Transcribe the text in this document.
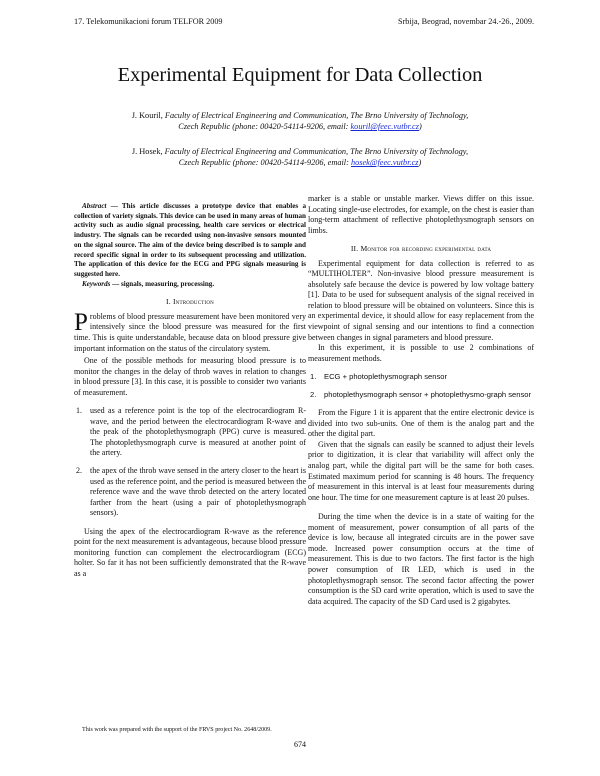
17. Telekomunikacioni forum TELFOR 2009	Srbija, Beograd, novembar 24.-26., 2009.
Experimental Equipment for Data Collection
J. Kouril, Faculty of Electrical Engineering and Communication, The Brno University of Technology,
Czech Republic (phone: 00420-54114-9206, email: kouril@feec.vutbr.cz)
J. Hosek, Faculty of Electrical Engineering and Communication, The Brno University of Technology,
Czech Republic (phone: 00420-54114-9206, email: hosek@feec.vutbr.cz)

Abstract — This article discusses a prototype device that enables a collection of variety signals. This device can be used in many areas of human activity such as audio signal processing, health care services or electrical industry. The signals can be recorded using non-invasive sensors mounted on the signal source. The aim of the device being described is to sample and record specific signal in order to its subsequent processing and utilization. The application of this device for the ECG and PPG signals measuring is suggested here.

Keywords — signals, measuring, processing.

I. Introduction

Problems of blood pressure measurement have been monitored very intensively since the blood pressure was measured for the first time. This is quite understandable, because data on blood pressure give important information on the status of the circulatory system.

One of the possible methods for measuring blood pressure is to monitor the changes in the delay of throb waves in relation to changes in blood pressure [3]. In this case, it is possible to consider two variants of measurement.

1. used as a reference point is the top of the electrocardiogram R-wave, and the period between the electrocardiogram R-wave and the peak of the photoplethysmograph (PPG) curve is measured. The photoplethysmograph curve is measured at another point of the artery.
2. the apex of the throb wave sensed in the artery closer to the heart is used as the reference point, and the period is measured between the reference wave and the wave throb detected on the artery located farther from the heart (using a pair of photoplethysmograph sensors).

Using the apex of the electrocardiogram R-wave as the reference point for the next measurement is advantageous, because blood pressure monitoring function can complement the electrocardiogram (ECG) holter. So far it has not been sufficiently demonstrated that the R-wave as a

marker is a stable or unstable marker. Views differ on this issue. Locating single-use electrodes, for example, on the chest is easier than long-term attachment of reflective photoplethysmograph sensors on limbs.

II. Monitor for recording experimental data

Experimental equipment for data collection is referred to as “MULTIHOLTER”. Non-invasive blood pressure measurement is absolutely safe because the device is powered by low voltage battery [1]. Data to be used for subsequent analysis of the signal received in relation to blood pressure will be obtained on volunteers. Since this is an experimental device, it should allow for easy replacement from the viewpoint of signal sensing and our intentions to find a connection between changes in signal parameters and blood pressure.

In this experiment, it is possible to use 2 combinations of measurement methods.

1. ECG + photoplethysmograph sensor
2. photoplethysmograph sensor + photoplethysmo-graph sensor

From the Figure 1 it is apparent that the entire electronic device is divided into two sub-units. One of them is the analog part and the other the digital part.

Given that the signals can easily be scanned to adjust their levels prior to digitization, it is clear that variability will affect only the analog part, while the digital part will be the same for both cases. Estimated maximum period for scanning is 48 hours. The frequency of measurement in this interval is at least four measurements during one hour. The time for one measurement capture is at least 20 pulses.

During the time when the device is in a state of waiting for the moment of measurement, power consumption of all parts of the device is low, because all integrated circuits are in the power save mode. Increased power consumption occurs at the time of measurement. This is due to two factors. The first factor is the high power consumption of IR LED, which is used in the photoplethysmograph sensor. The second factor affecting the power consumption is the SD card write operation, which is used to save the data acquired. The capacity of the SD Card used is 2 gigabytes.

This work was prepared with the support of the FRVS project No. 2648/2009.
674
